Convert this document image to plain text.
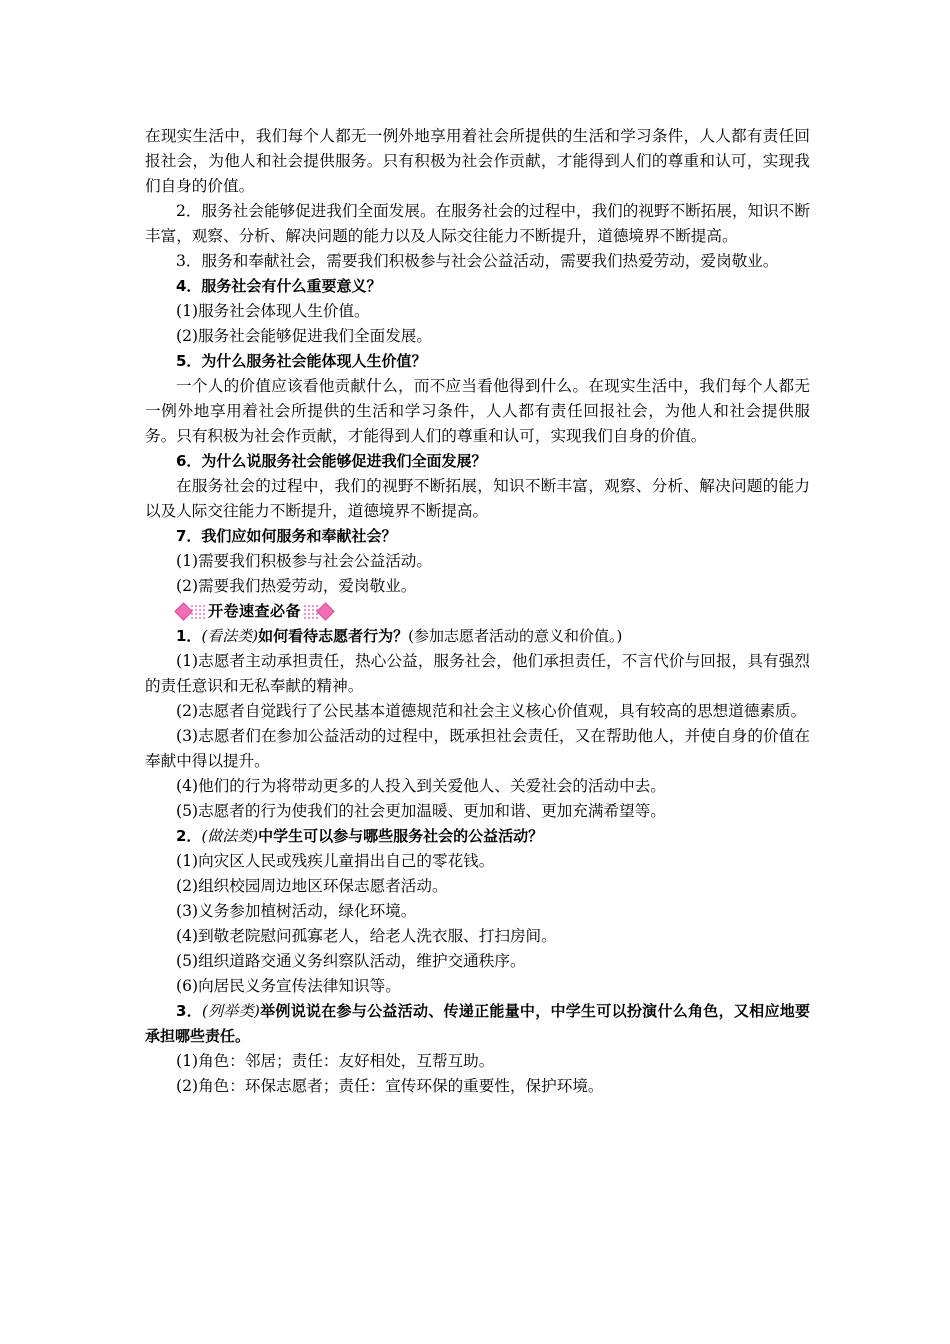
在现实生活中，我们每个人都无一例外地享用着社会所提供的生活和学习条件，人人都有责任回报社会，为他人和社会提供服务。只有积极为社会作贡献，才能得到人们的尊重和认可，实现我们自身的价值。

2．服务社会能够促进我们全面发展。在服务社会的过程中，我们的视野不断拓展，知识不断丰富，观察、分析、解决问题的能力以及人际交往能力不断提升，道德境界不断提高。

3．服务和奉献社会，需要我们积极参与社会公益活动，需要我们热爱劳动，爱岗敬业。

4．服务社会有什么重要意义？

(1)服务社会体现人生价值。

(2)服务社会能够促进我们全面发展。

5．为什么服务社会能体现人生价值？

一个人的价值应该看他贡献什么，而不应当看他得到什么。在现实生活中，我们每个人都无一例外地享用着社会所提供的生活和学习条件，人人都有责任回报社会，为他人和社会提供服务。只有积极为社会作贡献，才能得到人们的尊重和认可，实现我们自身的价值。

6．为什么说服务社会能够促进我们全面发展？

在服务社会的过程中，我们的视野不断拓展，知识不断丰富，观察、分析、解决问题的能力以及人际交往能力不断提升，道德境界不断提高。

7．我们应如何服务和奉献社会？

(1)需要我们积极参与社会公益活动。

(2)需要我们热爱劳动，爱岗敬业。

开卷速查必备

1．(看法类)如何看待志愿者行为？(参加志愿者活动的意义和价值。)

(1)志愿者主动承担责任，热心公益，服务社会，他们承担责任，不言代价与回报，具有强烈的责任意识和无私奉献的精神。

(2)志愿者自觉践行了公民基本道德规范和社会主义核心价值观，具有较高的思想道德素质。

(3)志愿者们在参加公益活动的过程中，既承担社会责任，又在帮助他人，并使自身的价值在奉献中得以提升。

(4)他们的行为将带动更多的人投入到关爱他人、关爱社会的活动中去。

(5)志愿者的行为使我们的社会更加温暖、更加和谐、更加充满希望等。

2．(做法类)中学生可以参与哪些服务社会的公益活动？

(1)向灾区人民或残疾儿童捐出自己的零花钱。

(2)组织校园周边地区环保志愿者活动。

(3)义务参加植树活动，绿化环境。

(4)到敬老院慰问孤寡老人，给老人洗衣服、打扫房间。

(5)组织道路交通义务纠察队活动，维护交通秩序。

(6)向居民义务宣传法律知识等。

3．(列举类)举例说说在参与公益活动、传递正能量中，中学生可以扮演什么角色，又相应地要承担哪些责任。

(1)角色：邻居；责任：友好相处，互帮互助。

(2)角色：环保志愿者；责任：宣传环保的重要性，保护环境。
